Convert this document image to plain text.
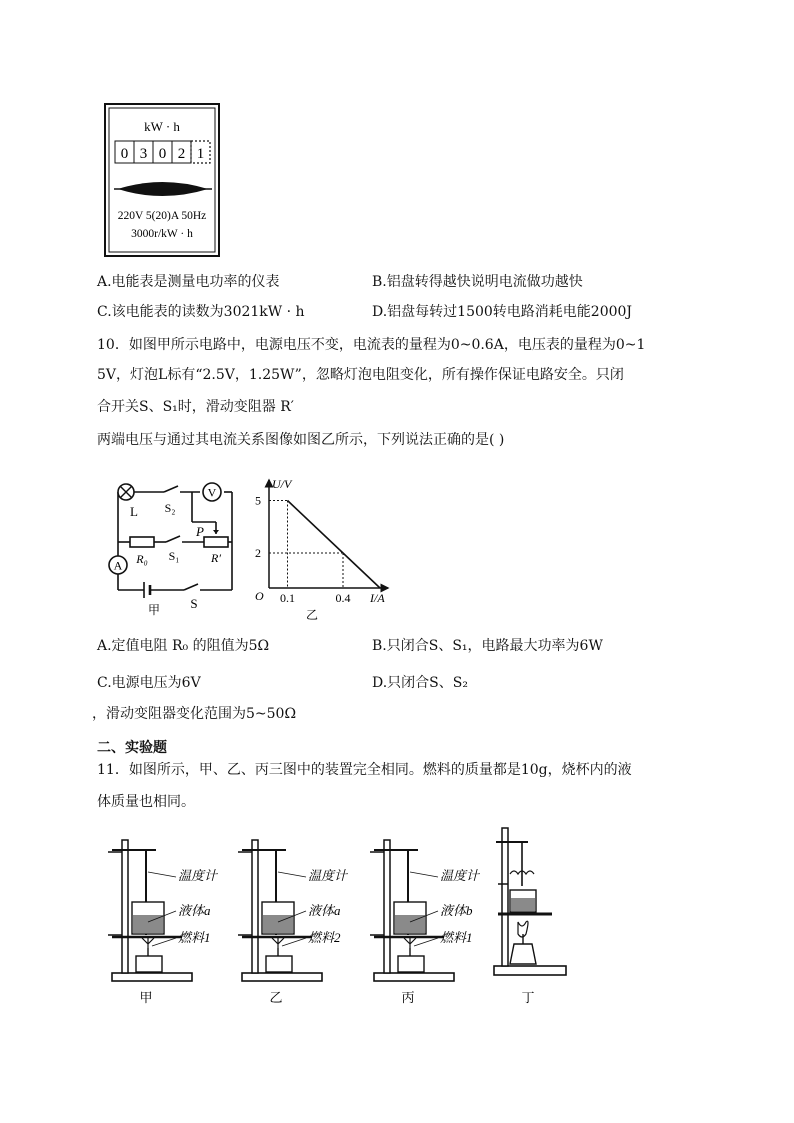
kW · h
0 3 0 2 1
220V 5(20)A 50Hz
3000r/kW · h
A.电能表是测量电功率的仪表	B.铝盘转得越快说明电流做功越快
C.该电能表的读数为3021kW · h	D.铝盘每转过1500转电路消耗电能2000J
10．如图甲所示电路中，电源电压不变，电流表的量程为0~0.6A，电压表的量程为0~1
5V，灯泡L标有“2.5V，1.25W”，忽略灯泡电阻变化，所有操作保证电路安全。只闭
合开关S、S₁时，滑动变阻器 R′
两端电压与通过其电流关系图像如图乙所示，下列说法正确的是( )
V
A
L S₂
P
R₀ S₁	R′
S
甲
5
2
0.1	0.4
U/V
I/A
O
乙
A.定值电阻 R₀ 的阻值为5Ω	B.只闭合S、S₁，电路最大功率为6W
C.电源电压为6V	D.只闭合S、S₂
，滑动变阻器变化范围为5~50Ω
二、实验题
11．如图所示，甲、乙、丙三图中的装置完全相同。燃料的质量都是10g，烧杯内的液
体质量也相同。
温度计
液体a
燃料1
甲
温度计
液体a
燃料2
乙
温度计
液体b
燃料1
丙	丁
